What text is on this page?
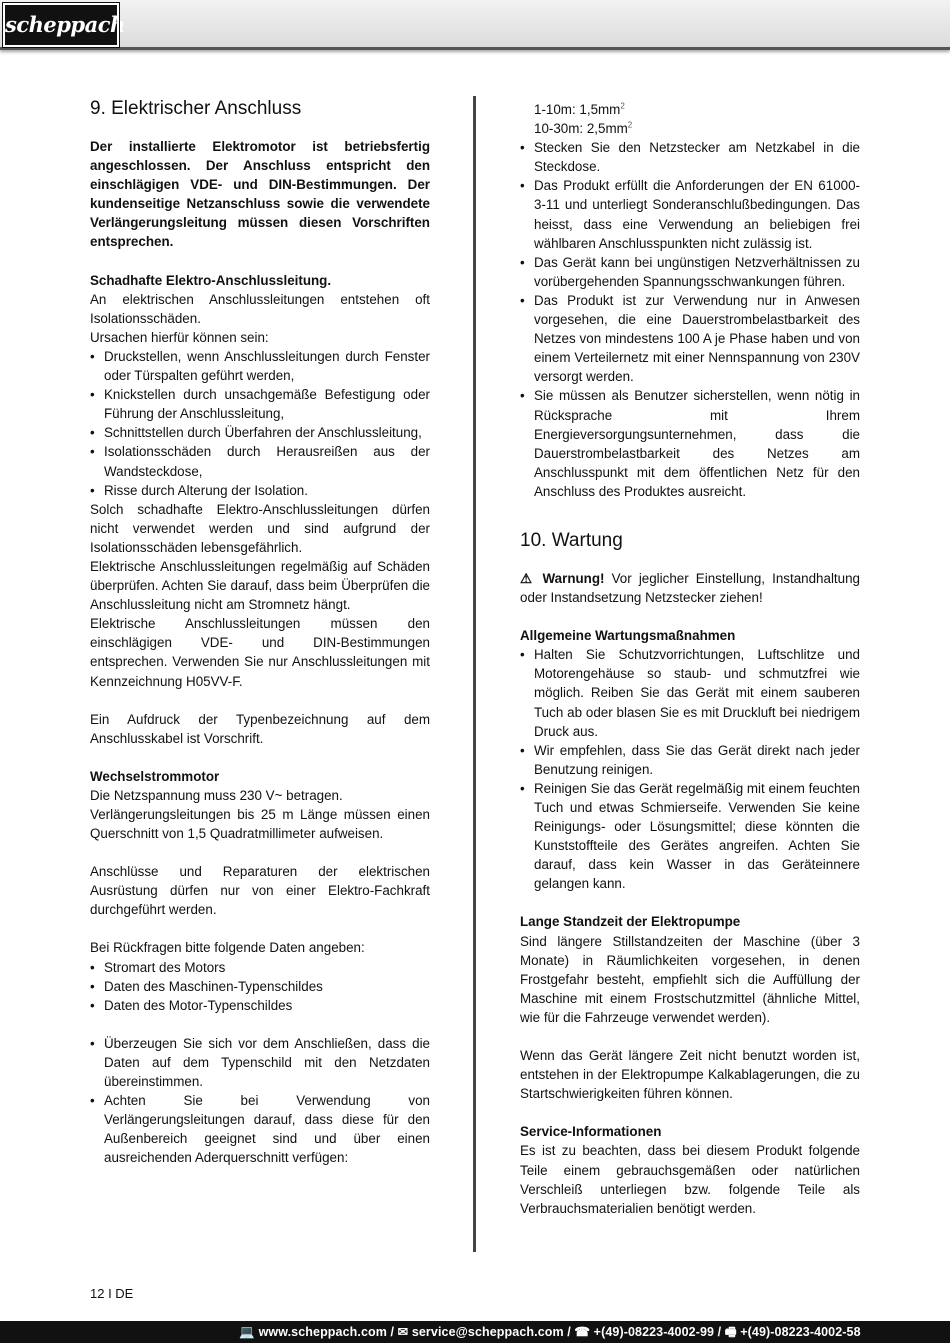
scheppach
9. Elektrischer Anschluss

Der installierte Elektromotor ist betriebsfertig angeschlossen. Der Anschluss entspricht den einschlägigen VDE- und DIN-Bestimmungen. Der kundenseitige Netzanschluss sowie die verwendete Verlängerungsleitung müssen diesen Vorschriften entsprechen.

Schadhafte Elektro-Anschlussleitung.

An elektrischen Anschlussleitungen entstehen oft Isolationsschäden.

Ursachen hierfür können sein:

• Druckstellen, wenn Anschlussleitungen durch Fenster oder Türspalten geführt werden,
• Knickstellen durch unsachgemäße Befestigung oder Führung der Anschlussleitung,
• Schnittstellen durch Überfahren der Anschlussleitung,
• Isolationsschäden durch Herausreißen aus der Wandsteckdose,
• Risse durch Alterung der Isolation.

Solch schadhafte Elektro-Anschlussleitungen dürfen nicht verwendet werden und sind aufgrund der Isolationsschäden lebensgefährlich.

Elektrische Anschlussleitungen regelmäßig auf Schäden überprüfen. Achten Sie darauf, dass beim Überprüfen die Anschlussleitung nicht am Stromnetz hängt.

Elektrische Anschlussleitungen müssen den einschlägigen VDE- und DIN-Bestimmungen entsprechen. Verwenden Sie nur Anschlussleitungen mit Kennzeichnung H05VV-F.

Ein Aufdruck der Typenbezeichnung auf dem Anschlusskabel ist Vorschrift.

Wechselstrommotor

Die Netzspannung muss 230 V~ betragen.

Verlängerungsleitungen bis 25 m Länge müssen einen Querschnitt von 1,5 Quadratmillimeter aufweisen.

Anschlüsse und Reparaturen der elektrischen Ausrüstung dürfen nur von einer Elektro-Fachkraft durchgeführt werden.

Bei Rückfragen bitte folgende Daten angeben:

• Stromart des Motors
• Daten des Maschinen-Typenschildes
• Daten des Motor-Typenschildes
• Überzeugen Sie sich vor dem Anschließen, dass die Daten auf dem Typenschild mit den Netzdaten übereinstimmen.
• Achten Sie bei Verwendung von Verlängerungsleitungen darauf, dass diese für den Außenbereich geeignet sind und über einen ausreichenden Aderquerschnitt verfügen:

1-10m: $1,5mm^2$

10-30m: $2,5mm^2$

• Stecken Sie den Netzstecker am Netzkabel in die Steckdose.
• Das Produkt erfüllt die Anforderungen der EN 61000-3-11 und unterliegt Sonderanschlußbedingungen. Das heisst, dass eine Verwendung an beliebigen frei wählbaren Anschlusspunkten nicht zulässig ist.
• Das Gerät kann bei ungünstigen Netzverhältnissen zu vorübergehenden Spannungsschwankungen führen.
• Das Produkt ist zur Verwendung nur in Anwesen vorgesehen, die eine Dauerstrombelastbarkeit des Netzes von mindestens 100 A je Phase haben und von einem Verteilernetz mit einer Nennspannung von 230V versorgt werden.
• Sie müssen als Benutzer sicherstellen, wenn nötig in Rücksprache mit Ihrem Energieversorgungsunternehmen, dass die Dauerstrombelastbarkeit des Netzes am Anschlusspunkt mit dem öffentlichen Netz für den Anschluss des Produktes ausreicht.
10. Wartung

⚠ Warnung! Vor jeglicher Einstellung, Instandhaltung oder Instandsetzung Netzstecker ziehen!

Allgemeine Wartungsmaßnahmen

• Halten Sie Schutzvorrichtungen, Luftschlitze und Motorengehäuse so staub- und schmutzfrei wie möglich. Reiben Sie das Gerät mit einem sauberen Tuch ab oder blasen Sie es mit Druckluft bei niedrigem Druck aus.
• Wir empfehlen, dass Sie das Gerät direkt nach jeder Benutzung reinigen.
• Reinigen Sie das Gerät regelmäßig mit einem feuchten Tuch und etwas Schmierseife. Verwenden Sie keine Reinigungs- oder Lösungsmittel; diese könnten die Kunststoffteile des Gerätes angreifen. Achten Sie darauf, dass kein Wasser in das Geräteinnere gelangen kann.

Lange Standzeit der Elektropumpe

Sind längere Stillstandzeiten der Maschine (über 3 Monate) in Räumlichkeiten vorgesehen, in denen Frostgefahr besteht, empfiehlt sich die Auffüllung der Maschine mit einem Frostschutzmittel (ähnliche Mittel, wie für die Fahrzeuge verwendet werden).

Wenn das Gerät längere Zeit nicht benutzt worden ist, entstehen in der Elektropumpe Kalkablagerungen, die zu Startschwierigkeiten führen können.

Service-Informationen

Es ist zu beachten, dass bei diesem Produkt folgende Teile einem gebrauchsgemäßen oder natürlichen Verschleiß unterliegen bzw. folgende Teile als Verbrauchsmaterialien benötigt werden.

12 I DE
💻 www.scheppach.com / ✉ service@scheppach.com / ☎ +(49)-08223-4002-99 / 🖷 +(49)-08223-4002-58
